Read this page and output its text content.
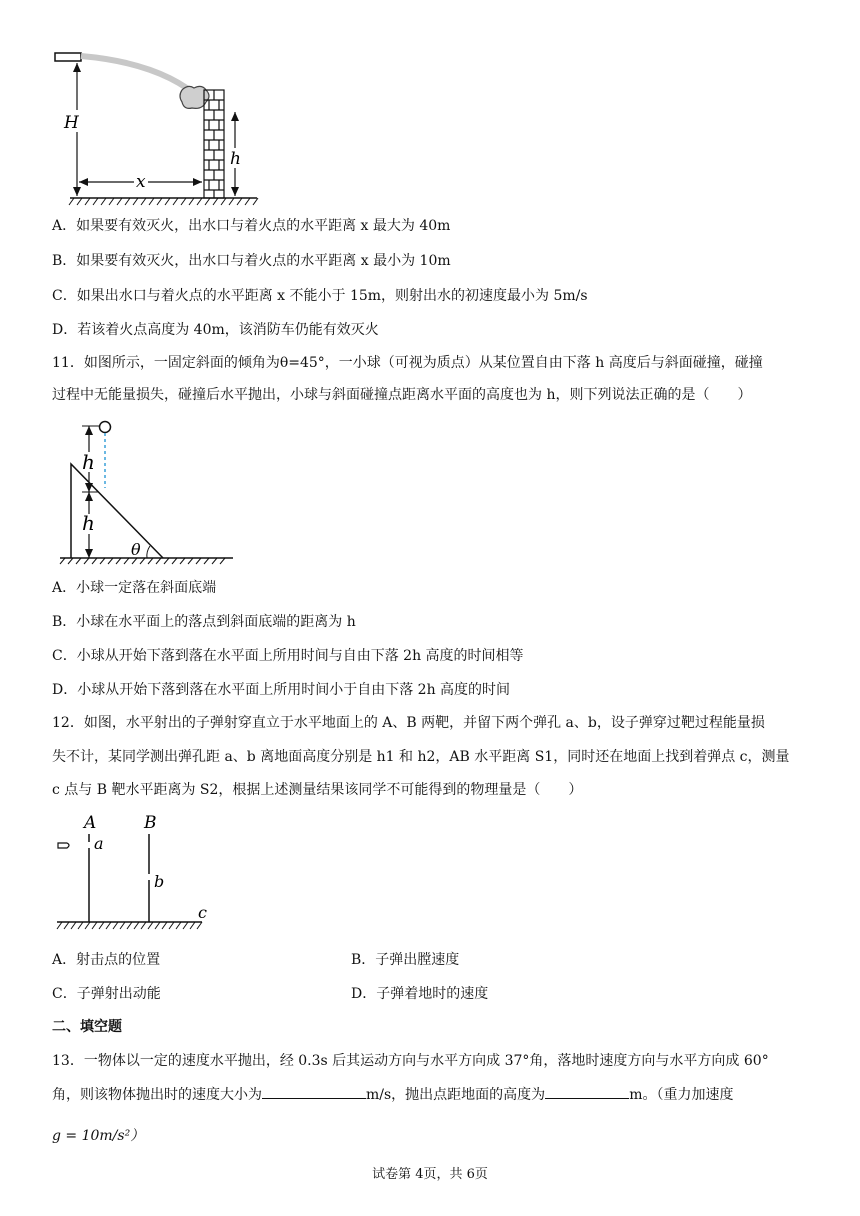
H
h
x
A．如果要有效灭火，出水口与着火点的水平距离 x 最大为 40m
B．如果要有效灭火，出水口与着火点的水平距离 x 最小为 10m
C．如果出水口与着火点的水平距离 x 不能小于 15m，则射出水的初速度最小为 5m/s
D．若该着火点高度为 40m，该消防车仍能有效灭火
11．如图所示，一固定斜面的倾角为θ=45°，一小球（可视为质点）从某位置自由下落 h 高度后与斜面碰撞，碰撞
过程中无能量损失，碰撞后水平抛出，小球与斜面碰撞点距离水平面的高度也为 h，则下列说法正确的是（　　）
h
h
θ
A．小球一定落在斜面底端
B．小球在水平面上的落点到斜面底端的距离为 h
C．小球从开始下落到落在水平面上所用时间与自由下落 2h 高度的时间相等
D．小球从开始下落到落在水平面上所用时间小于自由下落 2h 高度的时间
12．如图，水平射出的子弹射穿直立于水平地面上的 A、B 两靶，并留下两个弹孔 a、b，设子弹穿过靶过程能量损
失不计，某同学测出弹孔距 a、b 离地面高度分别是 h1 和 h2，AB 水平距离 S1，同时还在地面上找到着弹点 c，测量
c 点与 B 靶水平距离为 S2，根据上述测量结果该同学不可能得到的物理量是（　　）
A	B
a
b
c
A．射击点的位置	B．子弹出膛速度
C．子弹射出动能	D．子弹着地时的速度
二、填空题
13．一物体以一定的速度水平抛出，经 0.3s 后其运动方向与水平方向成 37°角，落地时速度方向与水平方向成 60°
角，则该物体抛出时的速度大小为	m/s，抛出点距地面的高度为	m。（重力加速度
g = 10m/s²）
试卷第 4页，共 6页
